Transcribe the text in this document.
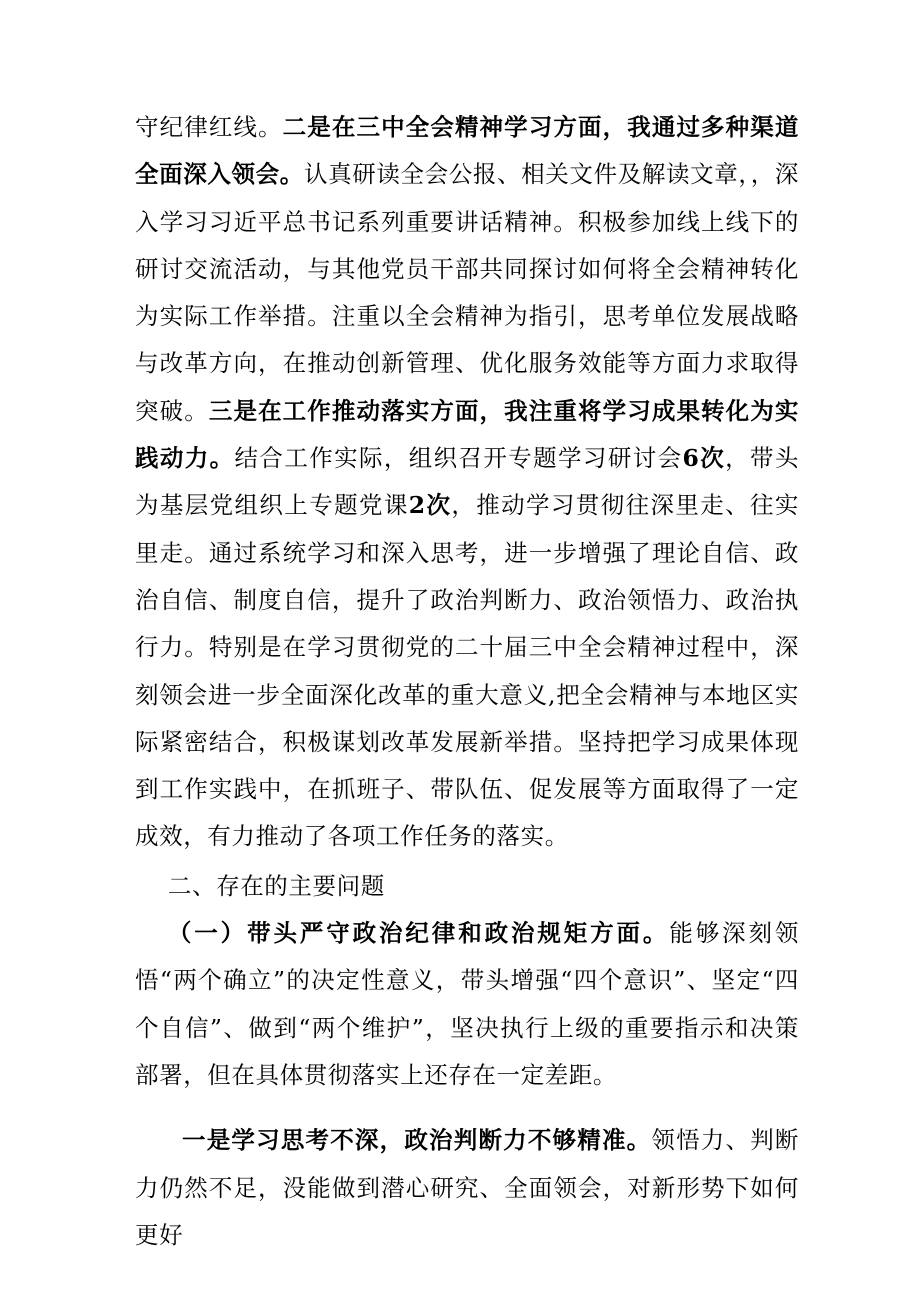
守纪律红线。二是在三中全会精神学习方面，我通过多种渠道全面深入领会。认真研读全会公报、相关文件及解读文章，，深入学习习近平总书记系列重要讲话精神。积极参加线上线下的研讨交流活动，与其他党员干部共同探讨如何将全会精神转化为实际工作举措。注重以全会精神为指引，思考单位发展战略与改革方向，在推动创新管理、优化服务效能等方面力求取得突破。三是在工作推动落实方面，我注重将学习成果转化为实践动力。结合工作实际，组织召开专题学习研讨会6次，带头为基层党组织上专题党课2次，推动学习贯彻往深里走、往实里走。通过系统学习和深入思考，进一步增强了理论自信、政治自信、制度自信，提升了政治判断力、政治领悟力、政治执行力。特别是在学习贯彻党的二十届三中全会精神过程中，深刻领会进一步全面深化改革的重大意义,把全会精神与本地区实际紧密结合，积极谋划改革发展新举措。坚持把学习成果体现到工作实践中，在抓班子、带队伍、促发展等方面取得了一定成效，有力推动了各项工作任务的落实。

二、存在的主要问题

（一）带头严守政治纪律和政治规矩方面。能够深刻领悟“两个确立”的决定性意义，带头增强“四个意识”、坚定“四个自信”、做到“两个维护”，坚决执行上级的重要指示和决策部署，但在具体贯彻落实上还存在一定差距。

一是学习思考不深，政治判断力不够精准。领悟力、判断力仍然不足，没能做到潜心研究、全面领会，对新形势下如何更好
